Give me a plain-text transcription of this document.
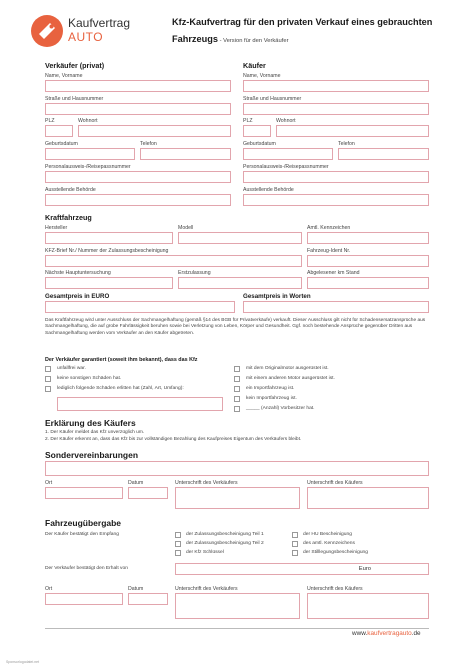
Kaufvertrag
AUTO
Kfz-Kaufvertrag für den privaten Verkauf eines gebrauchten
Fahrzeugs - Version für den Verkäufer
Verkäufer (privat)	Käufer
Name, Vorname	Name, Vorname
Straße und Hausnummer	Straße und Hausnummer
PLZ	Wohnort	PLZ	Wohnort
Geburtsdatum	Telefon	Geburtsdatum	Telefon
Personalausweis-/Reisepassnummer	Personalausweis-/Reisepassnummer
Ausstellende Behörde	Ausstellende Behörde
Kraftfahrzeug
Hersteller	Modell	Amtl. Kennzeichen
KFZ-Brief Nr./ Nummer der Zulassungsbescheinigung	Fahrzeug-Ident Nr.
Nächste Hauptuntersuchung	Erstzulassung	Abgelesener km Stand
Gesamtpreis in EURO	Gesamtpreis in Worten
Das Kraftfahrzeug wird unter Ausschluss der Sachmangelhaftung (gemäß §14 des BGB für Privatverkäufe) verkauft. Dieser Ausschluss gilt nicht für Schadensersatzansprüche aus Sachmangelhaftung, die auf grobe Fahrlässigkeit beruhen sowie bei Verletzung von Leben, Körper und Gesundheit. Ggf. noch bestehende Ansprüche gegenüber Dritten aus Sachmangelhaftung werden vom Verkäufer an den Käufer abgetreten.
Der Verkäufer garantiert (soweit ihm bekannt), dass das Kfz
unfallfrei war.
keine sonstigen Schäden hat.
lediglich folgende Schäden erlitten hat (Zahl, Art, Umfang):
mit dem Originalmotor ausgerüstet ist.
mit einem anderen Motor ausgerüstet ist.
ein Importfahrzeug ist.
kein Importfahrzeug ist.
_____ (Anzahl) Vorbesitzer hat.
Erklärung des Käufers
1. Der Käufer meldet das Kfz unverzüglich um.
2. Der Käufer erkennt an, dass das Kfz bis zur vollständigen Bezahlung des Kaufpreises Eigentum des Verkäufers bleibt.
Sondervereinbarungen
Ort	Datum	Unterschrift des Verkäufers	Unterschrift des Käufers
Fahrzeugübergabe
Der Käufer bestätigt den Empfang	der Zulassungsbescheinigung Teil 1
der Zulassungsbescheinigung Teil 2
der Kfz Schlüssel
der HU Bescheinigung
des amtl. Kennzeichens
der Stilllegungsbescheinigung
Der Verkäufer bestätigt den Erhalt von	Euro
Ort	Datum	Unterschrift des Verkäufers	Unterschrift des Käufers
www.kaufvertragauto.de
Sponsorlogodatei.net
